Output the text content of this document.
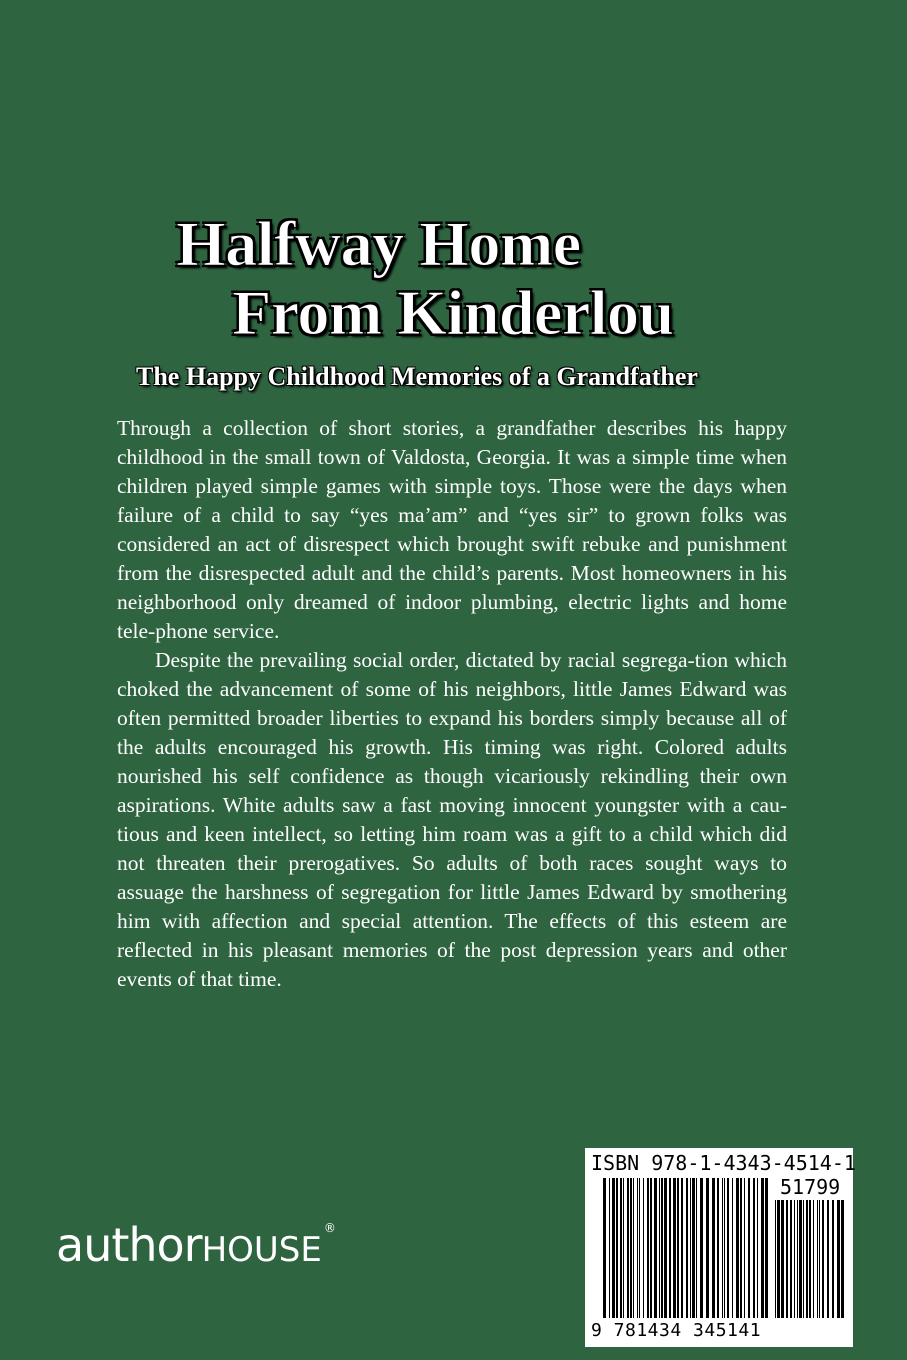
Halfway Home
From Kinderlou
The Happy Childhood Memories of a Grandfather

Through a collection of short stories, a grandfather describes his happy childhood in the small town of Valdosta, Georgia. It was a simple time when children played simple games with simple toys. Those were the days when failure of a child to say “yes ma’am” and “yes sir” to grown folks was considered an act of disrespect which brought swift rebuke and punishment from the disrespected adult and the child’s parents. Most homeowners in his neighborhood only dreamed of indoor plumbing, electric lights and home tele-phone service.

Despite the prevailing social order, dictated by racial segrega-tion which choked the advancement of some of his neighbors, little James Edward was often permitted broader liberties to expand his borders simply because all of the adults encouraged his growth. His timing was right. Colored adults nourished his self confidence as though vicariously rekindling their own aspirations. White adults saw a fast moving innocent youngster with a cau-tious and keen intellect, so letting him roam was a gift to a child which did not threaten their prerogatives. So adults of both races sought ways to assuage the harshness of segregation for little James Edward by smothering him with affection and special attention. The effects of this esteem are reflected in his pleasant memories of the post depression years and other events of that time.

authorHOUSE®
ISBN 978-1-4343-4514-1
51799
9 781434 345141
